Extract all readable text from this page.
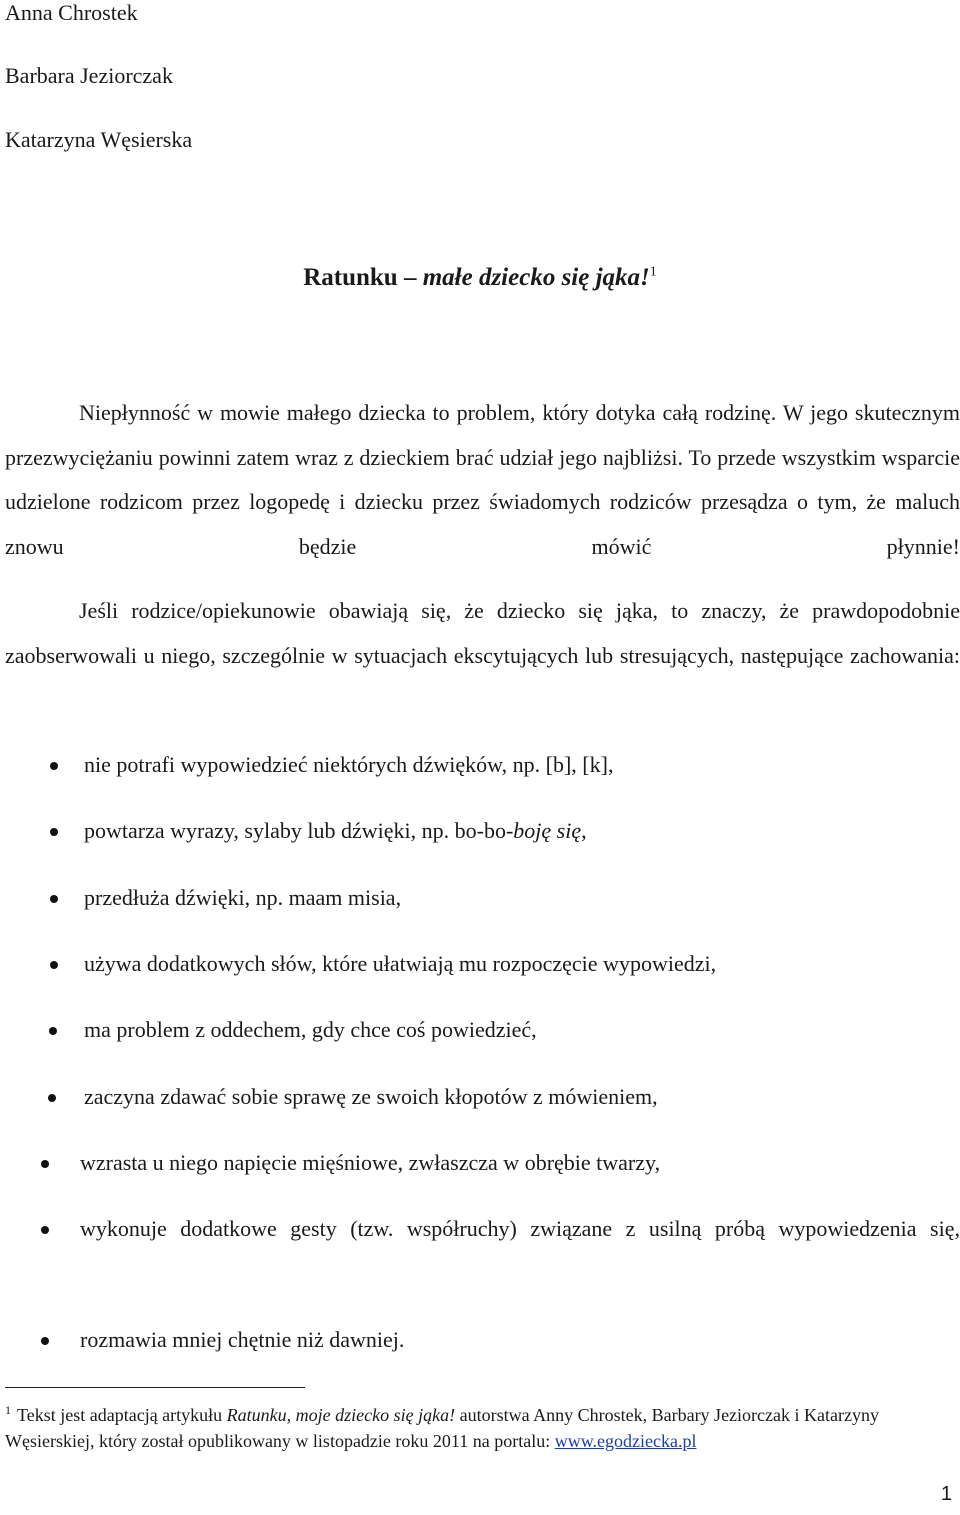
Anna Chrostek

Barbara Jeziorczak

Katarzyna Węsierska

Ratunku – małe dziecko się jąka!$^1$

Niepłynność w mowie małego dziecka to problem, który dotyka całą rodzinę. W jego skutecznym przezwyciężaniu powinni zatem wraz z dzieckiem brać udział jego najbliżsi. To przede wszystkim wsparcie udzielone rodzicom przez logopedę i dziecku przez świadomych rodziców przesądza o tym, że maluch znowu będzie mówić płynnie!

Jeśli rodzice/opiekunowie obawiają się, że dziecko się jąka, to znaczy, że prawdopodobnie zaobserwowali u niego, szczególnie w sytuacjach ekscytujących lub stresujących, następujące zachowania:

nie potrafi wypowiedzieć niektórych dźwięków, np. [b], [k],
powtarza wyrazy, sylaby lub dźwięki, np. bo-bo-boję się,
przedłuża dźwięki, np. maam misia,
używa dodatkowych słów, które ułatwiają mu rozpoczęcie wypowiedzi,
ma problem z oddechem, gdy chce coś powiedzieć,
zaczyna zdawać sobie sprawę ze swoich kłopotów z mówieniem,
wzrasta u niego napięcie mięśniowe, zwłaszcza w obrębie twarzy,
wykonuje dodatkowe gesty (tzw. współruchy) związane z usilną próbą wypowiedzenia się,
rozmawia mniej chętnie niż dawniej.

$^1$ Tekst jest adaptacją artykułu Ratunku, moje dziecko się jąka! autorstwa Anny Chrostek, Barbary Jeziorczak i Katarzyny Węsierskiej, który został opublikowany w listopadzie roku 2011 na portalu: www.egodziecka.pl

1
